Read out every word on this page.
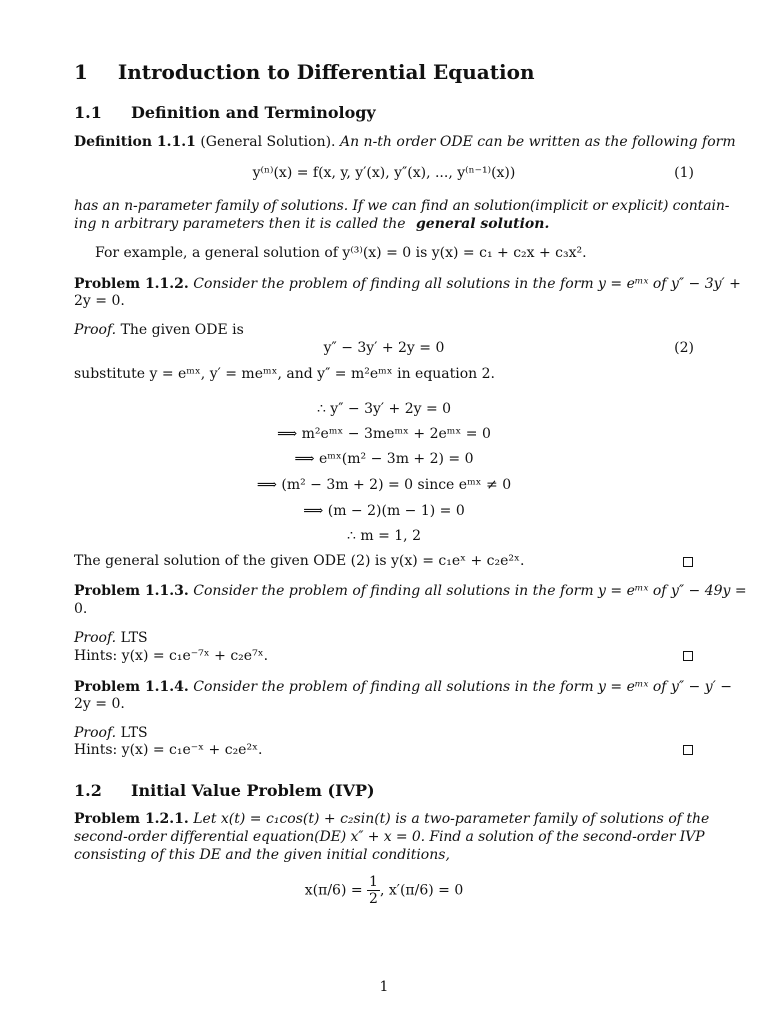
1 Introduction to Differential Equation
1.1 Definition and Terminology
Definition 1.1.1 (General Solution). An n-th order ODE can be written as the following form
y⁽ⁿ⁾(x) = f(x, y, y′(x), y″(x), ..., y⁽ⁿ⁻¹⁾(x))	(1)
has an n-parameter family of solutions. If we can find an solution(implicit or explicit) contain-
ing n arbitrary parameters then it is called the general solution.
For example, a general solution of y⁽³⁾(x) = 0 is y(x) = c₁ + c₂x + c₃x².
Problem 1.1.2. Consider the problem of finding all solutions in the form y = eᵐˣ of y″ − 3y′ +
2y = 0.
Proof. The given ODE is
y″ − 3y′ + 2y = 0	(2)
substitute y = eᵐˣ, y′ = meᵐˣ, and y″ = m²eᵐˣ in equation 2.
∴ y″ − 3y′ + 2y = 0
⟹ m²eᵐˣ − 3meᵐˣ + 2eᵐˣ = 0
⟹ eᵐˣ(m² − 3m + 2) = 0
⟹ (m² − 3m + 2) = 0 since eᵐˣ ≠ 0
⟹ (m − 2)(m − 1) = 0
∴ m = 1, 2
The general solution of the given ODE (2) is y(x) = c₁eˣ + c₂e²ˣ.
Problem 1.1.3. Consider the problem of finding all solutions in the form y = eᵐˣ of y″ − 49y =
0.
Proof. LTS
Hints: y(x) = c₁e⁻⁷ˣ + c₂e⁷ˣ.
Problem 1.1.4. Consider the problem of finding all solutions in the form y = eᵐˣ of y″ − y′ −
2y = 0.
Proof. LTS
Hints: y(x) = c₁e⁻ˣ + c₂e²ˣ.
1.2 Initial Value Problem (IVP)
Problem 1.2.1. Let x(t) = c₁cos(t) + c₂sin(t) is a two-parameter family of solutions of the
second-order differential equation(DE) x″ + x = 0. Find a solution of the second-order IVP
consisting of this DE and the given initial conditions,
$x(\pi/6) = \frac{1}{2}$ , x′(π/6) = 0
1
